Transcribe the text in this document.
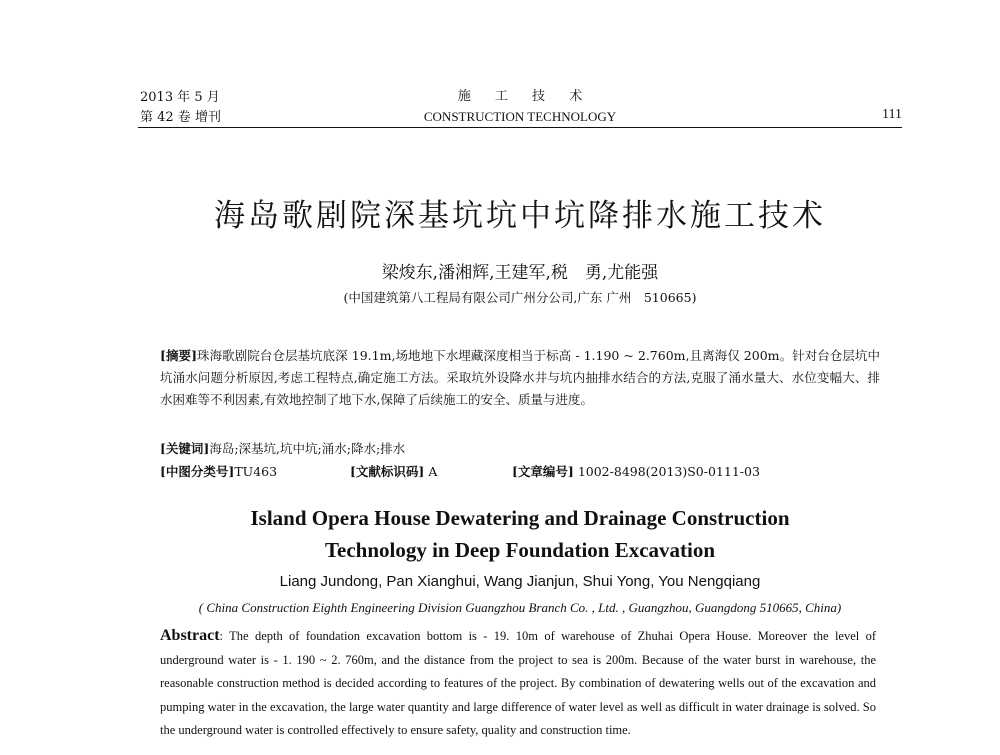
2013 年 5 月
第 42 卷 增刊
施 工 技 术
CONSTRUCTION TECHNOLOGY	111
海岛歌剧院深基坑坑中坑降排水施工技术
梁焌东,潘湘辉,王建军,税　勇,尤能强
(中国建筑第八工程局有限公司广州分公司,广东 广州　510665)
[摘要]珠海歌剧院台仓层基坑底深 19.1m,场地地下水埋藏深度相当于标高 - 1.190 ~ 2.760m,且离海仅 200m。针对台仓层坑中坑涌水问题分析原因,考虑工程特点,确定施工方法。采取坑外设降水井与坑内抽排水结合的方法,克服了涌水量大、水位变幅大、排水困难等不利因素,有效地控制了地下水,保障了后续施工的安全、质量与进度。
[关键词]海岛;深基坑,坑中坑;涌水;降水;排水
[中图分类号]TU463	[文献标识码] A	[文章编号] 1002-8498(2013)S0-0111-03
Island Opera House Dewatering and Drainage Construction
Technology in Deep Foundation Excavation
Liang Jundong, Pan Xianghui, Wang Jianjun, Shui Yong, You Nengqiang
( China Construction Eighth Engineering Division Guangzhou Branch Co. , Ltd. , Guangzhou, Guangdong 510665, China)
Abstract: The depth of foundation excavation bottom is - 19. 10m of warehouse of Zhuhai Opera House. Moreover the level of underground water is - 1. 190 ~ 2. 760m, and the distance from the project to sea is 200m. Because of the water burst in warehouse, the reasonable construction method is decided according to features of the project. By combination of dewatering wells out of the excavation and pumping water in the excavation, the large water quantity and large difference of water level as well as difficult in water drainage is solved. So the underground water is controlled effectively to ensure safety, quality and construction time.
